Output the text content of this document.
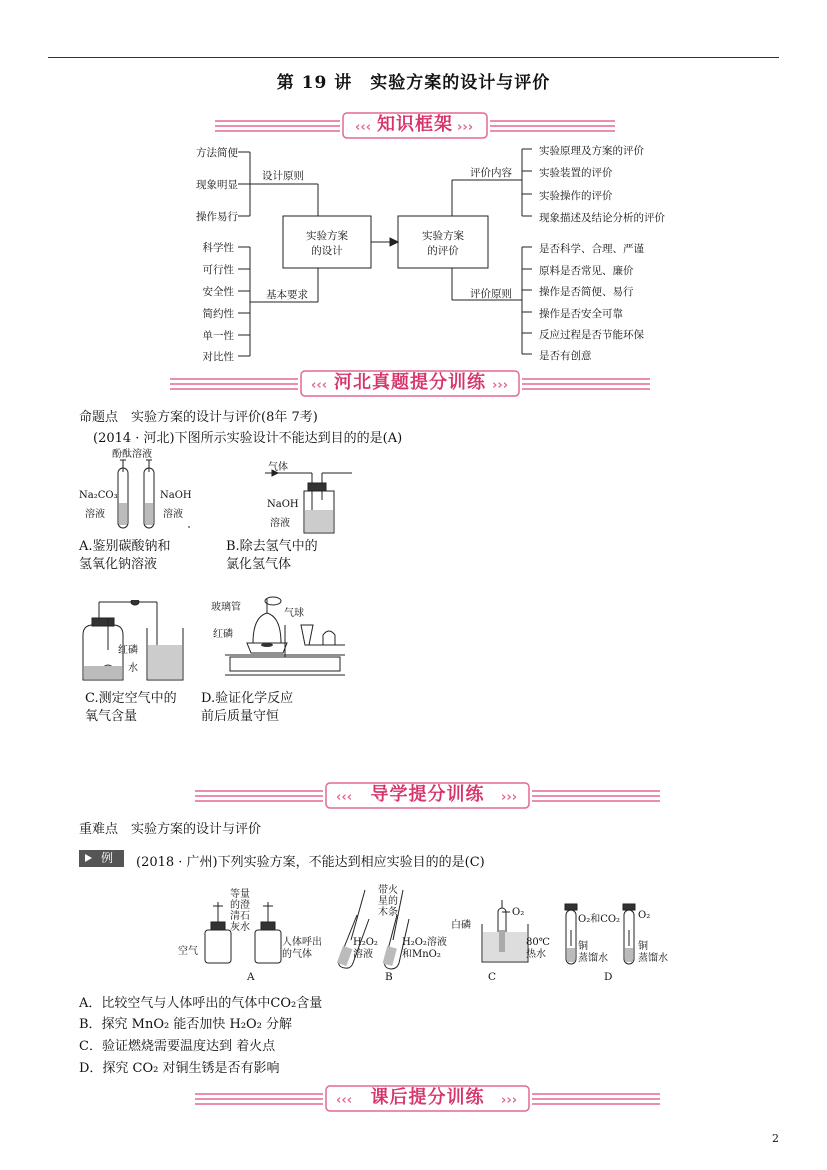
第 19 讲　实验方案的设计与评价
‹‹‹	›››
知识框架
方法简便
现象明显
操作易行
科学性
可行性
安全性
简约性
单一性
对比性
设计原则
基本要求
实验方案
的设计
实验方案
的评价
评价内容
评价原则
实验原理及方案的评价
实验装置的评价
实验操作的评价
现象描述及结论分析的评价
是否科学、合理、严谨
原料是否常见、廉价
操作是否简便、易行
操作是否安全可靠
反应过程是否节能环保
是否有创意
‹‹‹	›››
河北真题提分训练
命题点　实验方案的设计与评价(8年 7考)
(2014 · 河北)下图所示实验设计不能达到目的的是(A)
酚酞溶液
Na₂CO₃
溶液
NaOH
溶液
气体
NaOH
溶液
A.鉴别碳酸钠和
氢氧化钠溶液
B.除去氢气中的
氯化氢气体
红磷
水
玻璃管
气球
红磷
C.测定空气中的
氧气含量
D.验证化学反应
前后质量守恒
‹‹‹	›››
导学提分训练
重难点　实验方案的设计与评价
例	(2018 · 广州)下列实验方案，不能达到相应实验目的的是(C)
等量
的澄
清石
灰水
空气
人体呼出
的气体
A
带火
星的
木条
H₂O₂
溶液
H₂O₂溶液
和MnO₂
B
白磷
O₂
80℃
热水
C
O₂和CO₂ O₂
铜
蒸馏水
铜
蒸馏水
D
A．比较空气与人体呼出的气体中CO₂含量
B．探究 MnO₂ 能否加快 H₂O₂ 分解
C．验证燃烧需要温度达到 着火点
D．探究 CO₂ 对铜生锈是否有影响
‹‹‹	›››
课后提分训练
2
